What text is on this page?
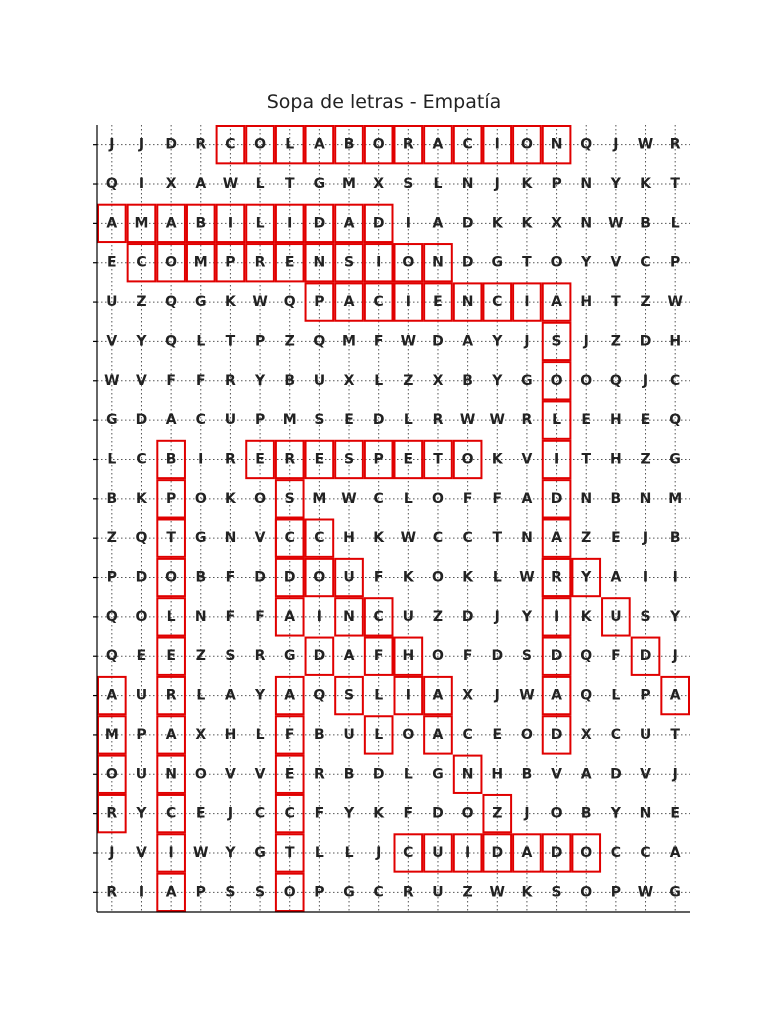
Sopa de letras - Empatía
J J D R C O L A B O R A C I O N Q J W R
Q I X A W L T G M X S L N J K P N Y K T
A M A B I L I D A D I A D K K X N W B L
E C O M P R E N S I O N D G T O Y V C P
U Z Q G K W Q P A C I E N C I A H T Z W
V Y Q L T P Z Q M F W D A Y J S J Z D H
W V F F R Y B U X L Z X B Y G O O Q J C
G D A C U P M S E D L R W W R L E H E Q
L C B I R E R E S P E T O K V I T H Z G
B K P O K O S M W C L O F F A D N B N M
Z Q T G N V C C H K W C C T N A Z E J B
P D O B F D D O U F K O K L W R Y A I I
Q O L N F F A I N C U Z D J Y I K U S Y
Q E E Z S R G D A F H O F D S D Q F D J
A U R L A Y A Q S L I A X J W A Q L P A
M P A X H L F B U L O A C E O D X C U T
O U N O V V E R B D L G N H B V A D V J
R Y C E J C C F Y K F D O Z J O B Y N E
J V I W Y G T L L J C U I D A D O C C A
R I A P S S O P G C R U Z W K S O P W G
